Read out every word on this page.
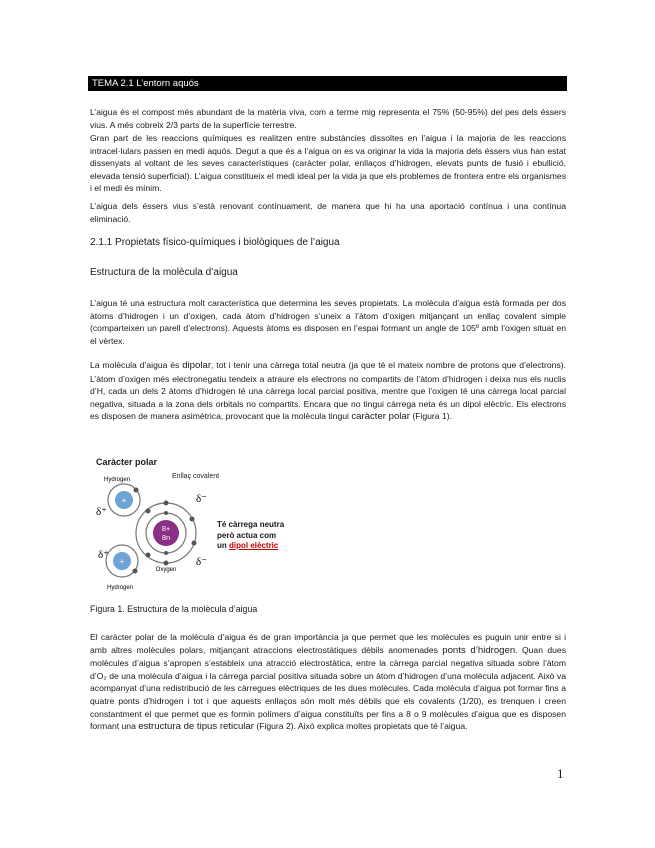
TEMA 2.1 L’entorn aquós

L’aigua és el compost més abundant de la matèria viva, com a terme mig representa el 75% (50-95%) del pes dels éssers vius. A més cobreix 2/3 parts de la superfície terrestre.

Gran part de les reaccions químiques es realitzen entre substàncies dissoltes en l’aigua i la majoria de les reaccions intracel·lulars passen en medi aquós. Degut a que és a l’aigua on es va originar la vida la majoria dels éssers vius han estat dissenyats al voltant de les seves característiques (caràcter polar, enllaços d’hidrogen, elevats punts de fusió i ebullició, elevada tensió superficial). L’aigua constitueix el medi ideal per la vida ja que els problemes de frontera entre els organismes i el medi és mínim.

L’aigua dels éssers vius s’està renovant contínuament, de manera que hi ha una aportació contínua i una contínua eliminació.

2.1.1 Propietats físico-químiques i biològiques de l’aigua
Estructura de la molècula d’aigua

L’aigua té una estructura molt característica que determina les seves propietats. La molècula d’aigua està formada per dos àtoms d’hidrogen i un d’oxigen, cada àtom d’hidrogen s’uneix a l’àtom d’oxigen mitjançant un enllaç covalent simple (comparteixen un parell d’electrons). Aquests àtoms es disposen en l’espai formant un angle de 105º amb l’oxigen situat en el vèrtex.

La molècula d’aigua és dipolar, tot i tenir una càrrega total neutra (ja que té el mateix nombre de protons que d’electrons). L’àtom d’oxigen més electronegatiu tendeix a atraure els electrons no compartits de l’àtom d’hidrogen i deixa nus els nuclis d’H, cada un dels 2 àtoms d’hidrogen té una càrrega local parcial positiva, mentre que l’oxigen té una càrrega local parcial negativa, situada a la zona dels orbitals no compartits. Encara que no tingui càrrega neta és un dipol elèctric. Els electrons es disposen de manera asimètrica, provocant que la molècula tingui caràcter polar (Figura 1).

Caràcter polar
Enllaç covalent
Hydrogen
+
+
Hydrogen
8+
8n
Oxygen
δ⁺
δ⁺
δ⁻
δ⁻
Té càrrega neutra
però actua com
un dipol elèctric

Figura 1. Estructura de la molècula d’aigua

El caràcter polar de la molècula d’aigua és de gran importància ja que permet que les molècules es puguin unir entre si i amb altres molècules polars, mitjançant atraccions electrostàtiques dèbils anomenades ponts d’hidrogen. Quan dues molècules d’aigua s’apropen s’estableix una atracció electrostàtica, entre la càrrega parcial negativa situada sobre l’àtom d’O₂ de una molècula d’aigua i la càrrega parcial positiva situada sobre un àtom d’hidrogen d’una molècula adjacent. Això va acompanyat d’una redistribució de les càrregues elèctriques de les dues molècules. Cada molècula d’aigua pot formar fins a quatre ponts d’hidrogen i tot i que aquests enllaços són molt més dèbils que els covalents (1/20), es trenquen i creen constantment el que permet que es formin polímers d’aigua constituïts per fins a 8 o 9 molècules d’aigua que es disposen formant una estructura de tipus reticular (Figura 2). Això explica moltes propietats que té l’aigua.

1
